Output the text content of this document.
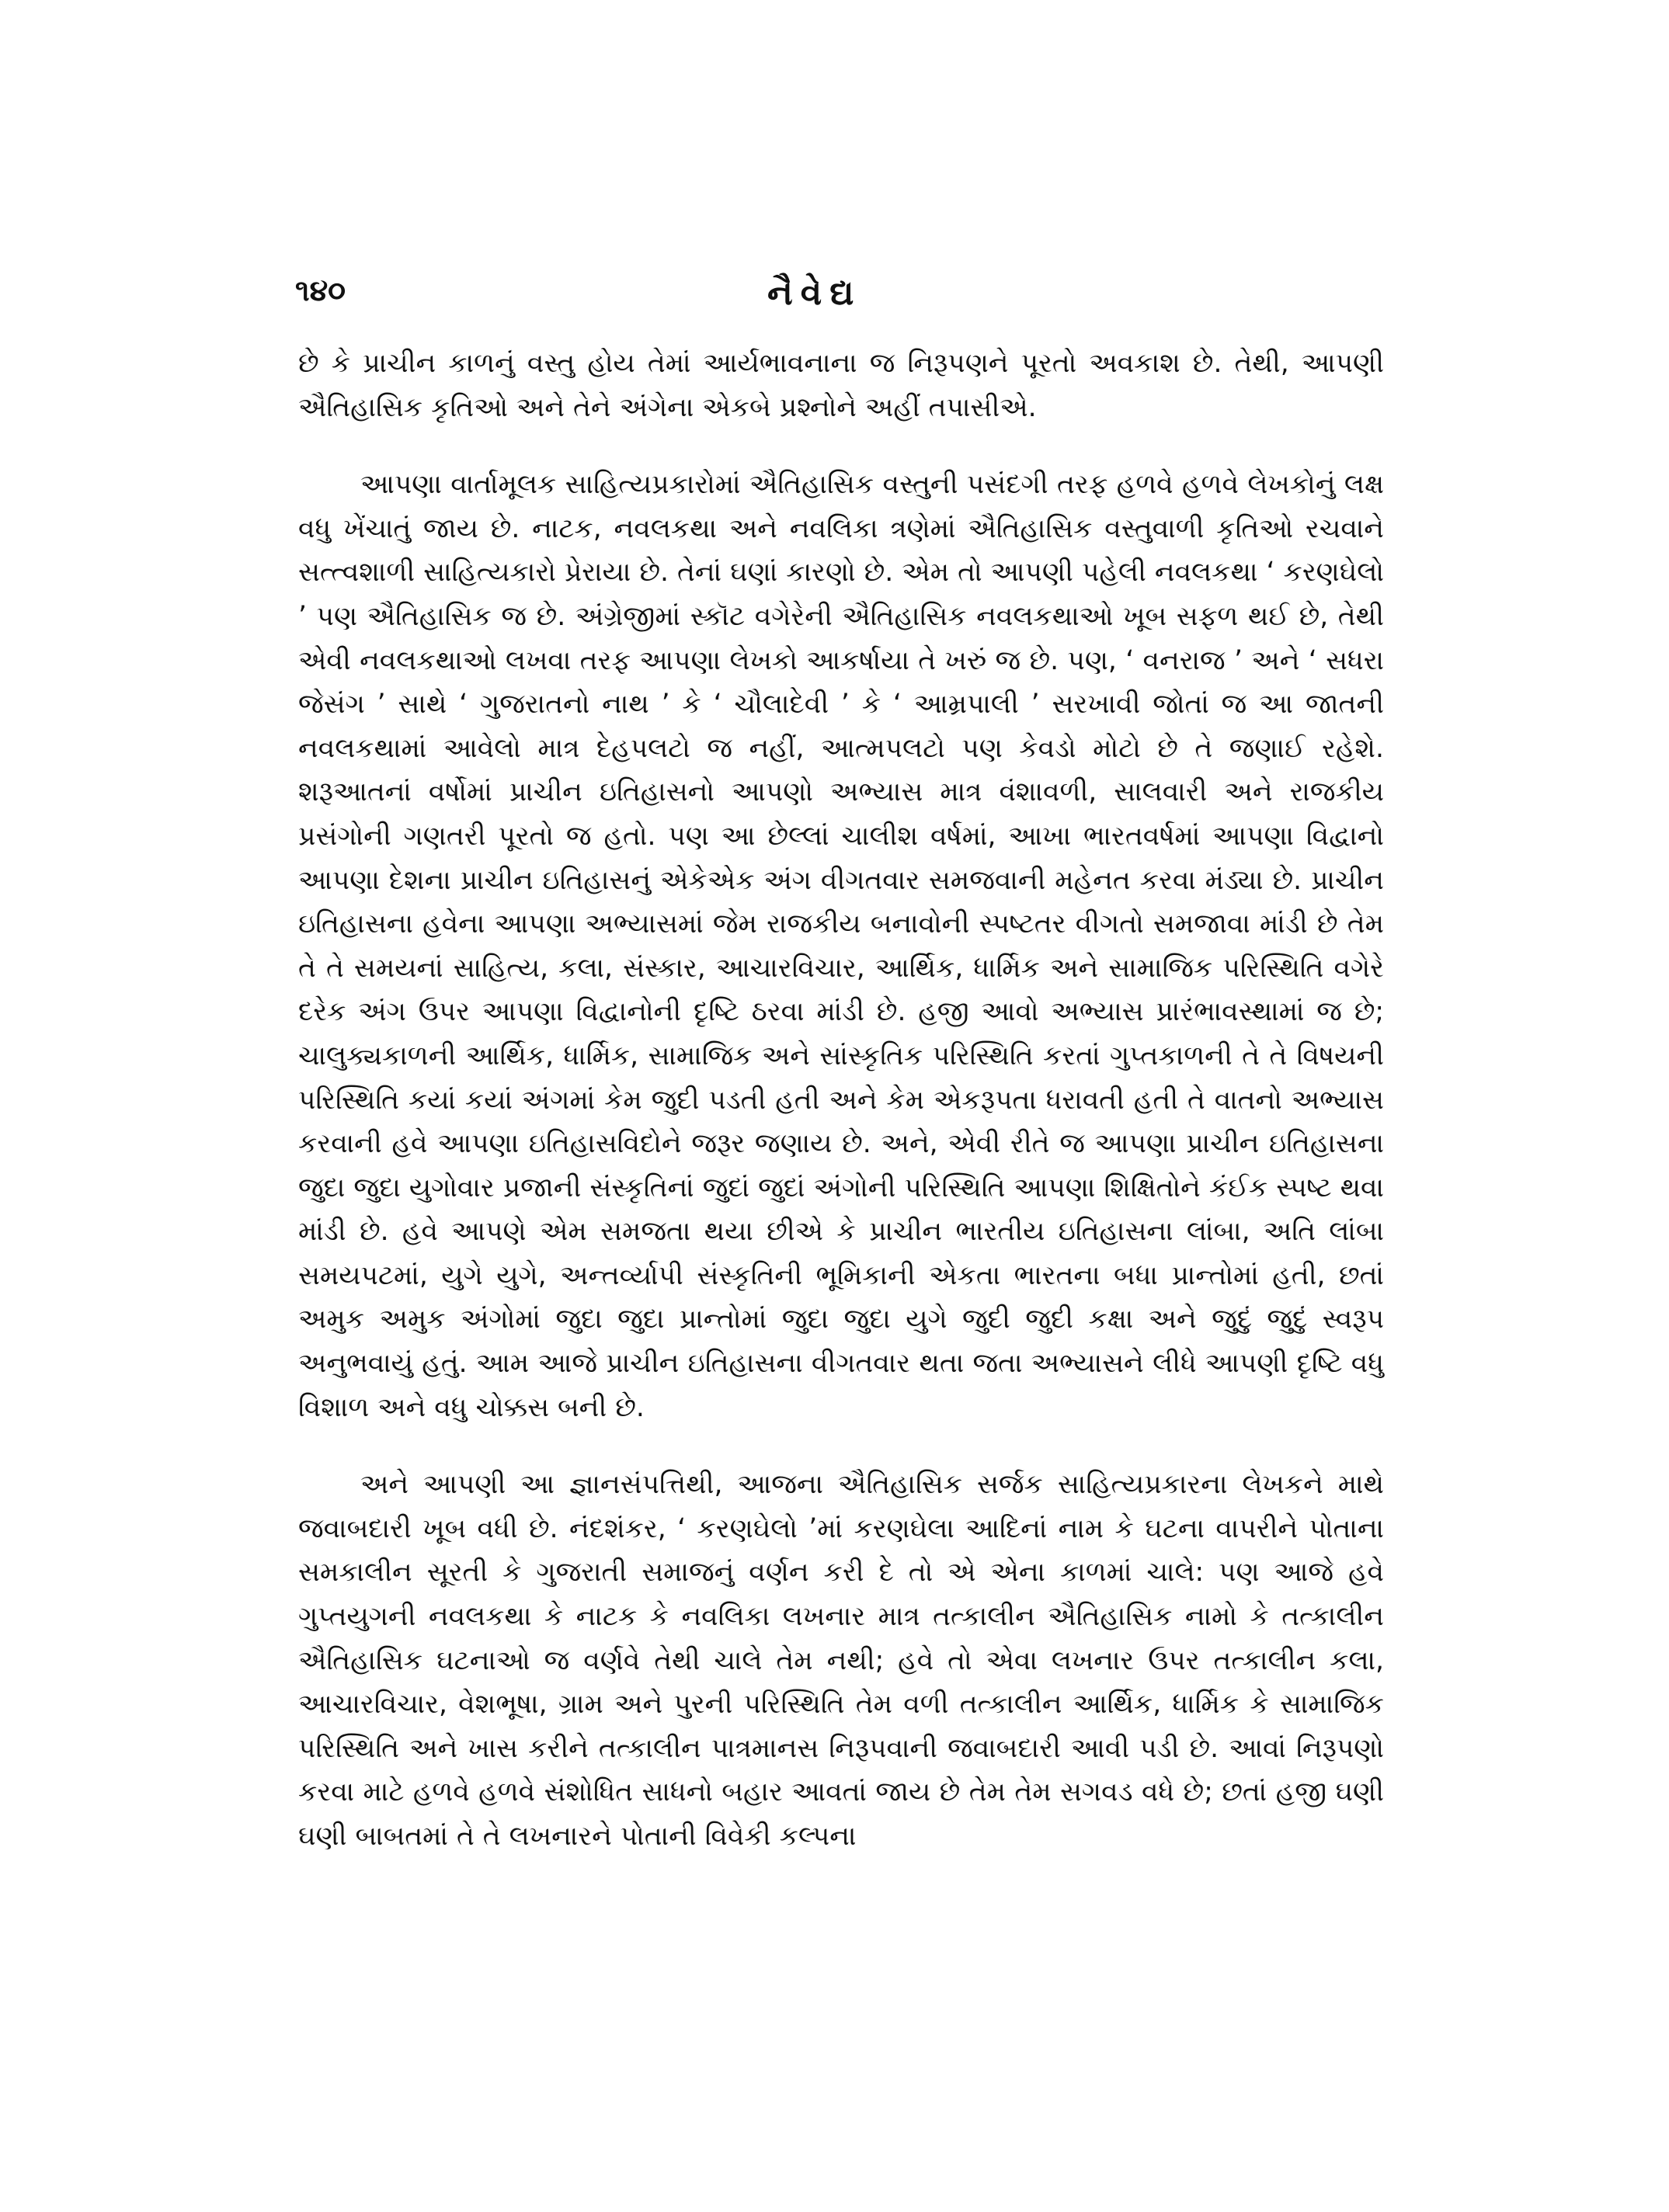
૧૪૦	નૈવેદ્ય

છે કે પ્રાચીન કાળનું વસ્તુ હોય તેમાં આર્યભાવનાના જ નિરૂપણને પૂરતો અવકાશ છે. તેથી, આપણી ઐતિહાસિક કૃતિઓ અને તેને અંગેના એકબે પ્રશ્નોને અહીં તપાસીએ.

આપણા વાર્તામૂલક સાહિત્યપ્રકારોમાં ઐતિહાસિક વસ્તુની પસંદગી તરફ હળવે હળવે લેખકોનું લક્ષ વધુ ખેંચાતું જાય છે. નાટક, નવલકથા અને નવલિકા ત્રણેમાં ઐતિહાસિક વસ્તુવાળી કૃતિઓ રચવાને સત્ત્વશાળી સાહિત્યકારો પ્રેરાયા છે. તેનાં ઘણાં કારણો છે. એમ તો આપણી પહેલી નવલકથા ‘ કરણઘેલો ’ પણ ઐતિહાસિક જ છે. અંગ્રેજીમાં સ્કૉટ વગેરેની ઐતિહાસિક નવલકથાઓ ખૂબ સફળ થઈ છે, તેથી એવી નવલકથાઓ લખવા તરફ આપણા લેખકો આકર્ષાયા તે ખરું જ છે. પણ, ‘ વનરાજ ’ અને ‘ સધરા જેસંગ ’ સાથે ‘ ગુજરાતનો નાથ ’ કે ‘ ચૌલાદેવી ’ કે ‘ આમ્રપાલી ’ સરખાવી જોતાં જ આ જાતની નવલકથામાં આવેલો માત્ર દેહપલટો જ નહીં, આત્મપલટો પણ કેવડો મોટો છે તે જણાઈ રહેશે. શરૂઆતનાં વર્ષોમાં પ્રાચીન ઇતિહાસનો આપણો અભ્યાસ માત્ર વંશાવળી, સાલવારી અને રાજકીય પ્રસંગોની ગણતરી પૂરતો જ હતો. પણ આ છેલ્લાં ચાલીશ વર્ષમાં, આખા ભારતવર્ષમાં આપણા વિદ્વાનો આપણા દેશના પ્રાચીન ઇતિહાસનું એકેએક અંગ વીગતવાર સમજવાની મહેનત કરવા મંડ્યા છે. પ્રાચીન ઇતિહાસના હવેના આપણા અભ્યાસમાં જેમ રાજકીય બનાવોની સ્પષ્ટતર વીગતો સમજાવા માંડી છે તેમ તે તે સમયનાં સાહિત્ય, કલા, સંસ્કાર, આચારવિચાર, આર્થિક, ધાર્મિક અને સામાજિક પરિસ્થિતિ વગેરે દરેક અંગ ઉપર આપણા વિદ્વાનોની દૃષ્ટિ ઠરવા માંડી છે. હજી આવો અભ્યાસ પ્રારંભાવસ્થામાં જ છે; ચાલુક્યકાળની આર્થિક, ધાર્મિક, સામાજિક અને સાંસ્કૃતિક પરિસ્થિતિ કરતાં ગુપ્તકાળની તે તે વિષયની પરિસ્થિતિ કયાં કયાં અંગમાં કેમ જુદી પડતી હતી અને કેમ એકરૂપતા ધરાવતી હતી તે વાતનો અભ્યાસ કરવાની હવે આપણા ઇતિહાસવિદોને જરૂર જણાય છે. અને, એવી રીતે જ આપણા પ્રાચીન ઇતિહાસના જુદા જુદા યુગોવાર પ્રજાની સંસ્કૃતિનાં જુદાં જુદાં અંગોની પરિસ્થિતિ આપણા શિક્ષિતોને કંઈક સ્પષ્ટ થવા માંડી છે. હવે આપણે એમ સમજતા થયા છીએ કે પ્રાચીન ભારતીય ઇતિહાસના લાંબા, અતિ લાંબા સમયપટમાં, યુગે યુગે, અન્તર્વ્યાપી સંસ્કૃતિની ભૂમિકાની એકતા ભારતના બધા પ્રાન્તોમાં હતી, છતાં અમુક અમુક અંગોમાં જુદા જુદા પ્રાન્તોમાં જુદા જુદા યુગે જુદી જુદી કક્ષા અને જુદું જુદું સ્વરૂપ અનુભવાયું હતું. આમ આજે પ્રાચીન ઇતિહાસના વીગતવાર થતા જતા અભ્યાસને લીધે આપણી દૃષ્ટિ વધુ વિશાળ અને વધુ ચોક્કસ બની છે.

અને આપણી આ જ્ઞાનસંપત્તિથી, આજના ઐતિહાસિક સર્જક સાહિત્યપ્રકારના લેખકને માથે જવાબદારી ખૂબ વધી છે. નંદશંકર, ‘ કરણઘેલો ’માં કરણઘેલા આદિનાં નામ કે ઘટના વાપરીને પોતાના સમકાલીન સૂરતી કે ગુજરાતી સમાજનું વર્ણન કરી દે તો એ એના કાળમાં ચાલે: પણ આજે હવે ગુપ્તયુગની નવલકથા કે નાટક કે નવલિકા લખનાર માત્ર તત્કાલીન ઐતિહાસિક નામો કે તત્કાલીન ઐતિહાસિક ઘટનાઓ જ વર્ણવે તેથી ચાલે તેમ નથી; હવે તો એવા લખનાર ઉપર તત્કાલીન કલા, આચારવિચાર, વેશભૂષા, ગ્રામ અને પુરની પરિસ્થિતિ તેમ વળી તત્કાલીન આર્થિક, ધાર્મિક કે સામાજિક પરિસ્થિતિ અને ખાસ કરીને તત્કાલીન પાત્રમાનસ નિરૂપવાની જવાબદારી આવી પડી છે. આવાં નિરૂપણો કરવા માટે હળવે હળવે સંશોધિત સાધનો બહાર આવતાં જાય છે તેમ તેમ સગવડ વધે છે; છતાં હજી ઘણી ઘણી બાબતમાં તે તે લખનારને પોતાની વિવેકી કલ્પના
